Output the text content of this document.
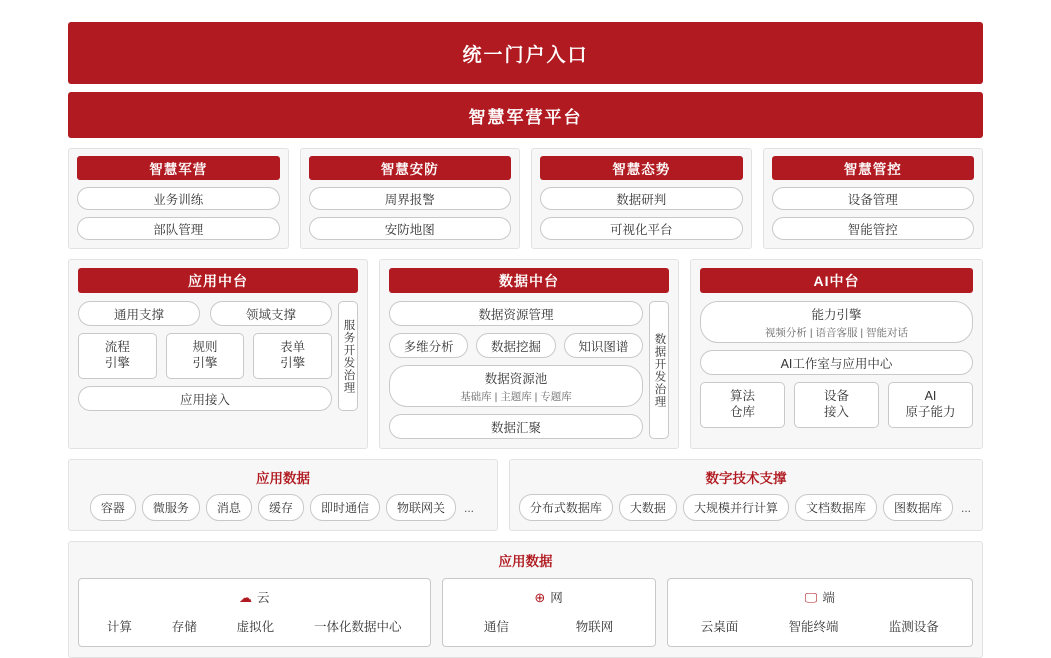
统一门户入口
智慧军营平台
智慧军营
业务训练
部队管理
智慧安防
周界报警
安防地图
智慧态势
数据研判
可视化平台
智慧管控
设备管理
智能管控
应用中台
通用支撑	领域支撑
流程
引擎
规则
引擎
表单
引擎
应用接入
服务开发治理
数据中台
数据资源管理
多维分析	数据挖掘	知识图谱
数据资源池
基础库 | 主题库 | 专题库
数据汇聚
数据开发治理
AI中台
能力引擎
视频分析 | 语音客服 | 智能对话
AI工作室与应用中心
算法
仓库
设备
接入
AI
原子能力
应用数据
容器	微服务	消息	缓存	即时通信	物联网关	...
数字技术支撑
分布式数据库	大数据	大规模并行计算	文档数据库	图数据库	...
应用数据
☁ 云
计算	存储	虚拟化	一体化数据中心
⊕ 网
通信	物联网
🖵 端
云桌面	智能终端	监测设备
